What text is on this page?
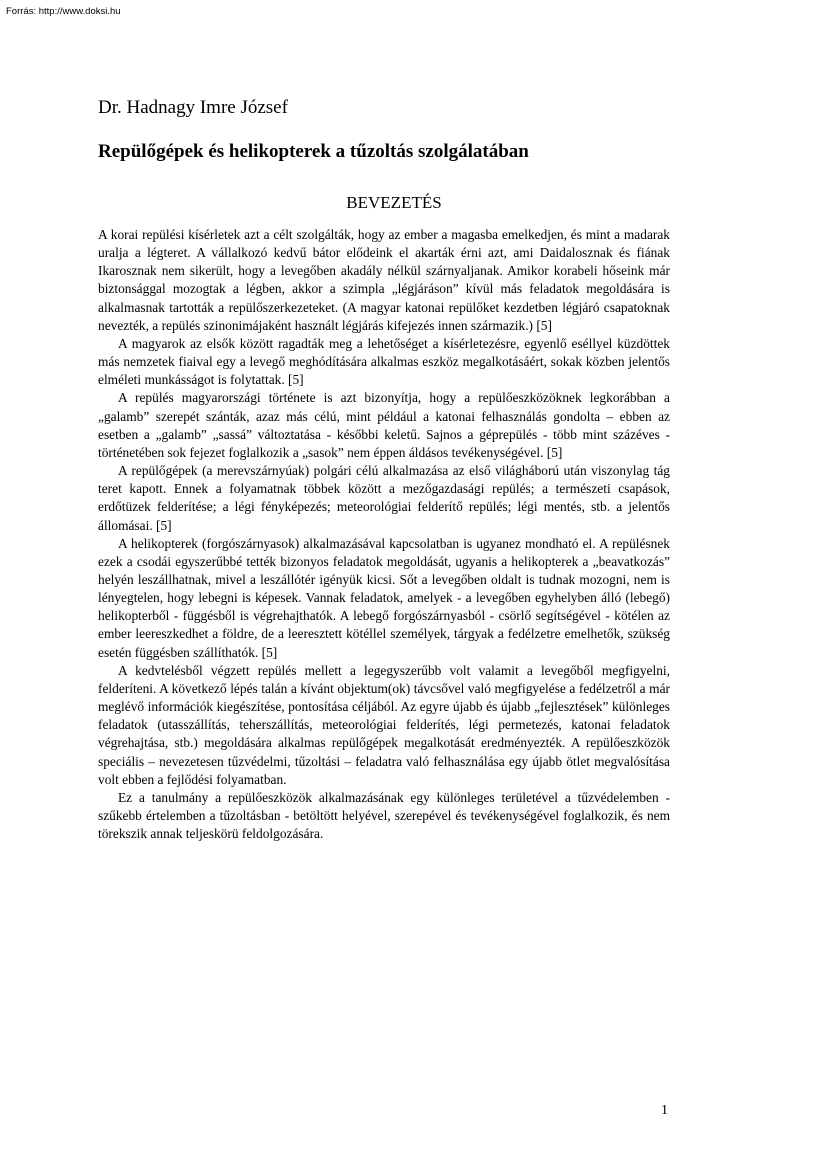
Forrás: http://www.doksi.hu

Dr. Hadnagy Imre József

Repülőgépek és helikopterek a tűzoltás szolgálatában

BEVEZETÉS

A korai repülési kísérletek azt a célt szolgálták, hogy az ember a magasba emelkedjen, és mint a madarak uralja a légteret. A vállalkozó kedvű bátor elődeink el akarták érni azt, ami Daidalosznak és fiának Ikarosznak nem sikerült, hogy a levegőben akadály nélkül szárnyaljanak. Amikor korabeli hőseink már biztonsággal mozogtak a légben, akkor a szimpla „légjáráson” kívül más feladatok megoldására is alkalmasnak tartották a repülőszerkezeteket. (A magyar katonai repülőket kezdetben légjáró csapatoknak nevezték, a repülés szinonimájaként használt légjárás kifejezés innen származik.) [5]

A magyarok az elsők között ragadták meg a lehetőséget a kísérletezésre, egyenlő eséllyel küzdöttek más nemzetek fiaival egy a levegő meghódítására alkalmas eszköz megalkotásáért, sokak közben jelentős elméleti munkásságot is folytattak. [5]

A repülés magyarországi története is azt bizonyítja, hogy a repülőeszközöknek legkorábban a „galamb” szerepét szánták, azaz más célú, mint például a katonai felhasználás gondolta – ebben az esetben a „galamb” „sassá” változtatása - későbbi keletű. Sajnos a géprepülés - több mint százéves - történetében sok fejezet foglalkozik a „sasok” nem éppen áldásos tevékenységével. [5]

A repülőgépek (a merevszárnyúak) polgári célú alkalmazása az első világháború után viszonylag tág teret kapott. Ennek a folyamatnak többek között a mezőgazdasági repülés; a természeti csapások, erdőtüzek felderítése; a légi fényképezés; meteorológiai felderítő repülés; légi mentés, stb. a jelentős állomásai. [5]

A helikopterek (forgószárnyasok) alkalmazásával kapcsolatban is ugyanez mondható el. A repülésnek ezek a csodái egyszerűbbé tették bizonyos feladatok megoldását, ugyanis a helikopterek a „beavatkozás” helyén leszállhatnak, mivel a leszállótér igényük kicsi. Sőt a levegőben oldalt is tudnak mozogni, nem is lényegtelen, hogy lebegni is képesek. Vannak feladatok, amelyek - a levegőben egyhelyben álló (lebegő) helikopterből - függésből is végrehajthatók. A lebegő forgószárnyasból - csörlő segítségével - kötélen az ember leereszkedhet a földre, de a leeresztett kötéllel személyek, tárgyak a fedélzetre emelhetők, szükség esetén függésben szállíthatók. [5]

A kedvtelésből végzett repülés mellett a legegyszerűbb volt valamit a levegőből megfigyelni, felderíteni. A következő lépés talán a kívánt objektum(ok) távcsővel való megfigyelése a fedélzetről a már meglévő információk kiegészítése, pontosítása céljából. Az egyre újabb és újabb „fejlesztések” különleges feladatok (utasszállítás, teherszállítás, meteorológiai felderítés, légi permetezés, katonai feladatok végrehajtása, stb.) megoldására alkalmas repülőgépek megalkotását eredményezték. A repülőeszközök speciális – nevezetesen tűzvédelmi, tűzoltási – feladatra való felhasználása egy újabb ötlet megvalósítása volt ebben a fejlődési folyamatban.

Ez a tanulmány a repülőeszközök alkalmazásának egy különleges területével a tűzvédelemben - szűkebb értelemben a tűzoltásban - betöltött helyével, szerepével és tevékenységével foglalkozik, és nem törekszik annak teljeskörü feldolgozására.

1
